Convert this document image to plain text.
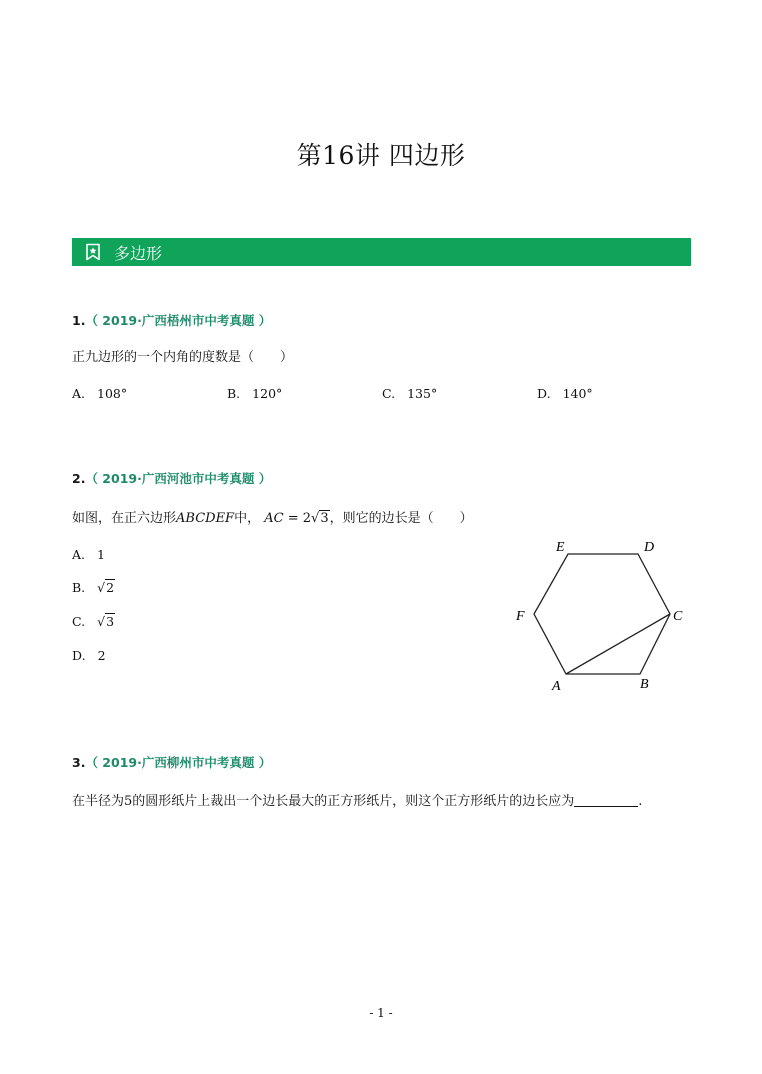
第16讲 四边形
多边形
1.（ 2019·广西梧州市中考真题 ）
正九边形的一个内角的度数是（　　）
A. 108°	B. 120°	C. 135°	D. 140°
2.（ 2019·广西河池市中考真题 ）
如图，在正六边形ABCDEF中， AC = 2√3，则它的边长是（　　）
A. 1
B. √2
C. √3
D. 2
E	D
F	C
A	B
3.（ 2019·广西柳州市中考真题 ）
在半径为5的圆形纸片上裁出一个边长最大的正方形纸片，则这个正方形纸片的边长应为	.
- 1 -
